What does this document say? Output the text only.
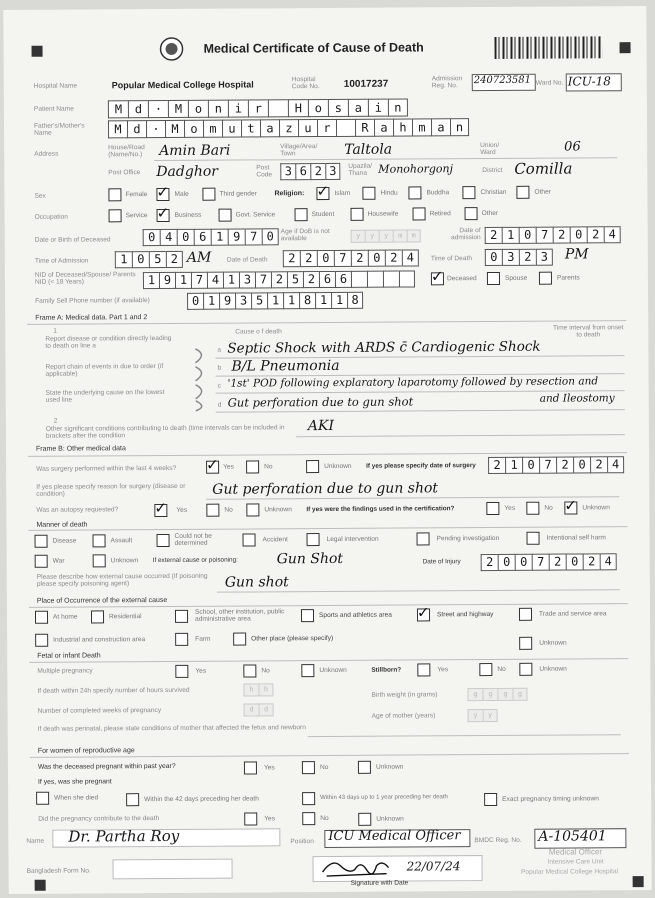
Medical Certificate of Cause of Death
Hospital Name	Popular Medical College Hospital	Hospital Code No. 10017237	Admission Reg. No.
240723581 Ward No. ICU-18
Patient Name	M	d	·	M	o	n	i	r	H	o	s	a	i	n
Father's/Mother's Name	M d · M o m u t a z u r	R a h m a n
Address
House/Road (Name/No.)	Amin Bari	Village/Area/ Town	Taltola	Union/ Ward	06
Post Office Dadghor	Post Code	3 6 2 3	Upazila/ Thana	Monohorgonj	District Comilla
Sex	Female ✓ Male	Third gender	Religion: ✓ Islam	Hindu	Buddha	Christian	Other
Occupation	Service ✓ Business	Govt. Service	Student	Housewife	Retired	Other
Date or Birth of Deceased	0 4 0 6 1 9 7 0	Age if DoB is not available	y	y	y	m	m
Date of admission 2 1 0 7 2 0 2 4
Time of Admission	1 0 5 2 AM Date of Death	2 2 0 7 2 0 2 4	Time of Death	0 3 2 3	PM
NID of Deceased/Spouse/ Parents NID (< 18 Years)	1 9 1 7 4 1 3 7 2 5 2 6 6	✓ Deceased	Spouse	Parents
Family Sell Phone number (if available)	0 1 9 3 5 1 1 8 1 1 8
Frame A: Medical data. Part 1 and 2
1
Report disease or condition directly leading to death on line a
Report chain of events in due to order (if applicable)
State the underlying cause on the lowest used line
Cause o f death
Time interval from onset to death
a Septic Shock with ARDS c̄ Cardiogenic Shock
b B/L Pneumonia
c '1st' POD following explaratory laparotomy followed by resection and
d Gut perforation due to gun shot	and Ileostomy
2
Other significant conditions contributing to death (time intervals can be included in brackets after the condition
AKI
Frame B: Other medical data
Was surgery performed within the last 4 weeks? ✓ Yes	No	Unknown If yes please specify date of surgery	2 1 0 7 2 0 2 4
If yes please specify reason for surgery (disease or condition)	Gut perforation due to gun shot
Was an autopsy requested? ✓ Yes	No	Unknown If yes were the findings used in the certification?	Yes	No ✓ Unknown
Manner of death
Disease	Assault
Could not be determined	Accident	Legal intervention	Pending investigation	Intentional self harm
War	Unknown If external cause or poisoning:	Gun Shot	Date of Injury	2 0 0 7 2 0 2 4
Please describe how external cause occurred (If poisoning please specify poisoning agent)	Gun shot
Place of Occurrence of the external cause
At home	Residential
School, other institution, public administrative area
Sports and athletics area ✓ Street and highway	Trade and service area
Industrial and construction area	Farm	Other place (please specify)
Unknown
Fetal or infant Death
Multiple pregnancy	Yes	No	Unknown	Stillborn?	Yes	No	Unknown
If death within 24h specify number of hours survived	h	h
Birth weight (in grams)	g	g	g	g
Number of completed weeks of pregnancy	d	d
Age of mother (years)	y	y
If death was perinatal, please state conditions of mother that affected the fetus and newborn
For women of reproductive age
Was the deceased pregnant within past year?	Yes	No	Unknown
If yes, was she pregnant
When she died	Within the 42 days preceding her death	Within 43 days up to 1 year preceding her death	Exact pregnancy timing unknown
Did the pregnancy contribute to the death	Yes	No	Unknown
Name Dr. Partha Roy	Position ICU Medical Officer BMDC Reg. No. A-105401
Bangladesh Form No.	22/07/24
Signature with Date
Medical Officer
Intensive Care Unit
Popular Medical College Hospital
